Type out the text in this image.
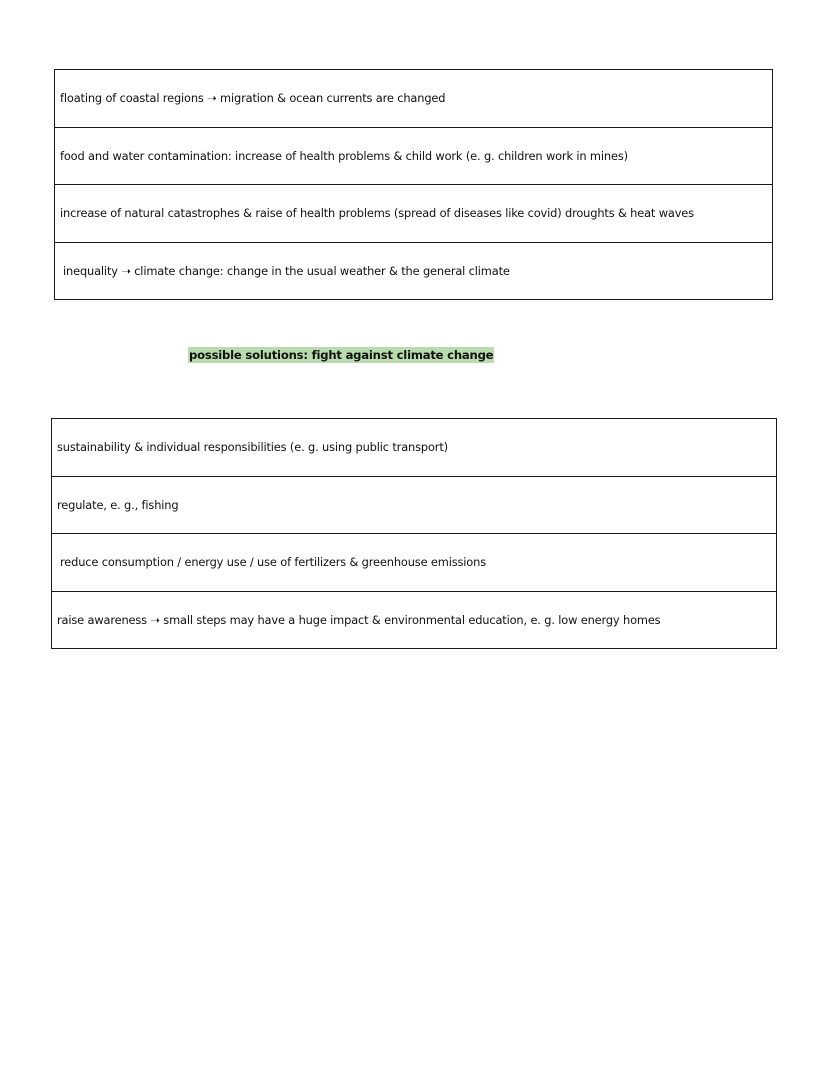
floating of coastal regions ➝ migration & ocean currents are changed
food and water contamination: increase of health problems & child work (e. g. children work in mines)
increase of natural catastrophes & raise of health problems (spread of diseases like covid) droughts & heat waves
inequality ➝ climate change: change in the usual weather & the general climate
possible solutions: fight against climate change
sustainability & individual responsibilities (e. g. using public transport)
regulate, e. g., fishing
reduce consumption / energy use / use of fertilizers & greenhouse emissions
raise awareness ➝ small steps may have a huge impact & environmental education, e. g. low energy homes
